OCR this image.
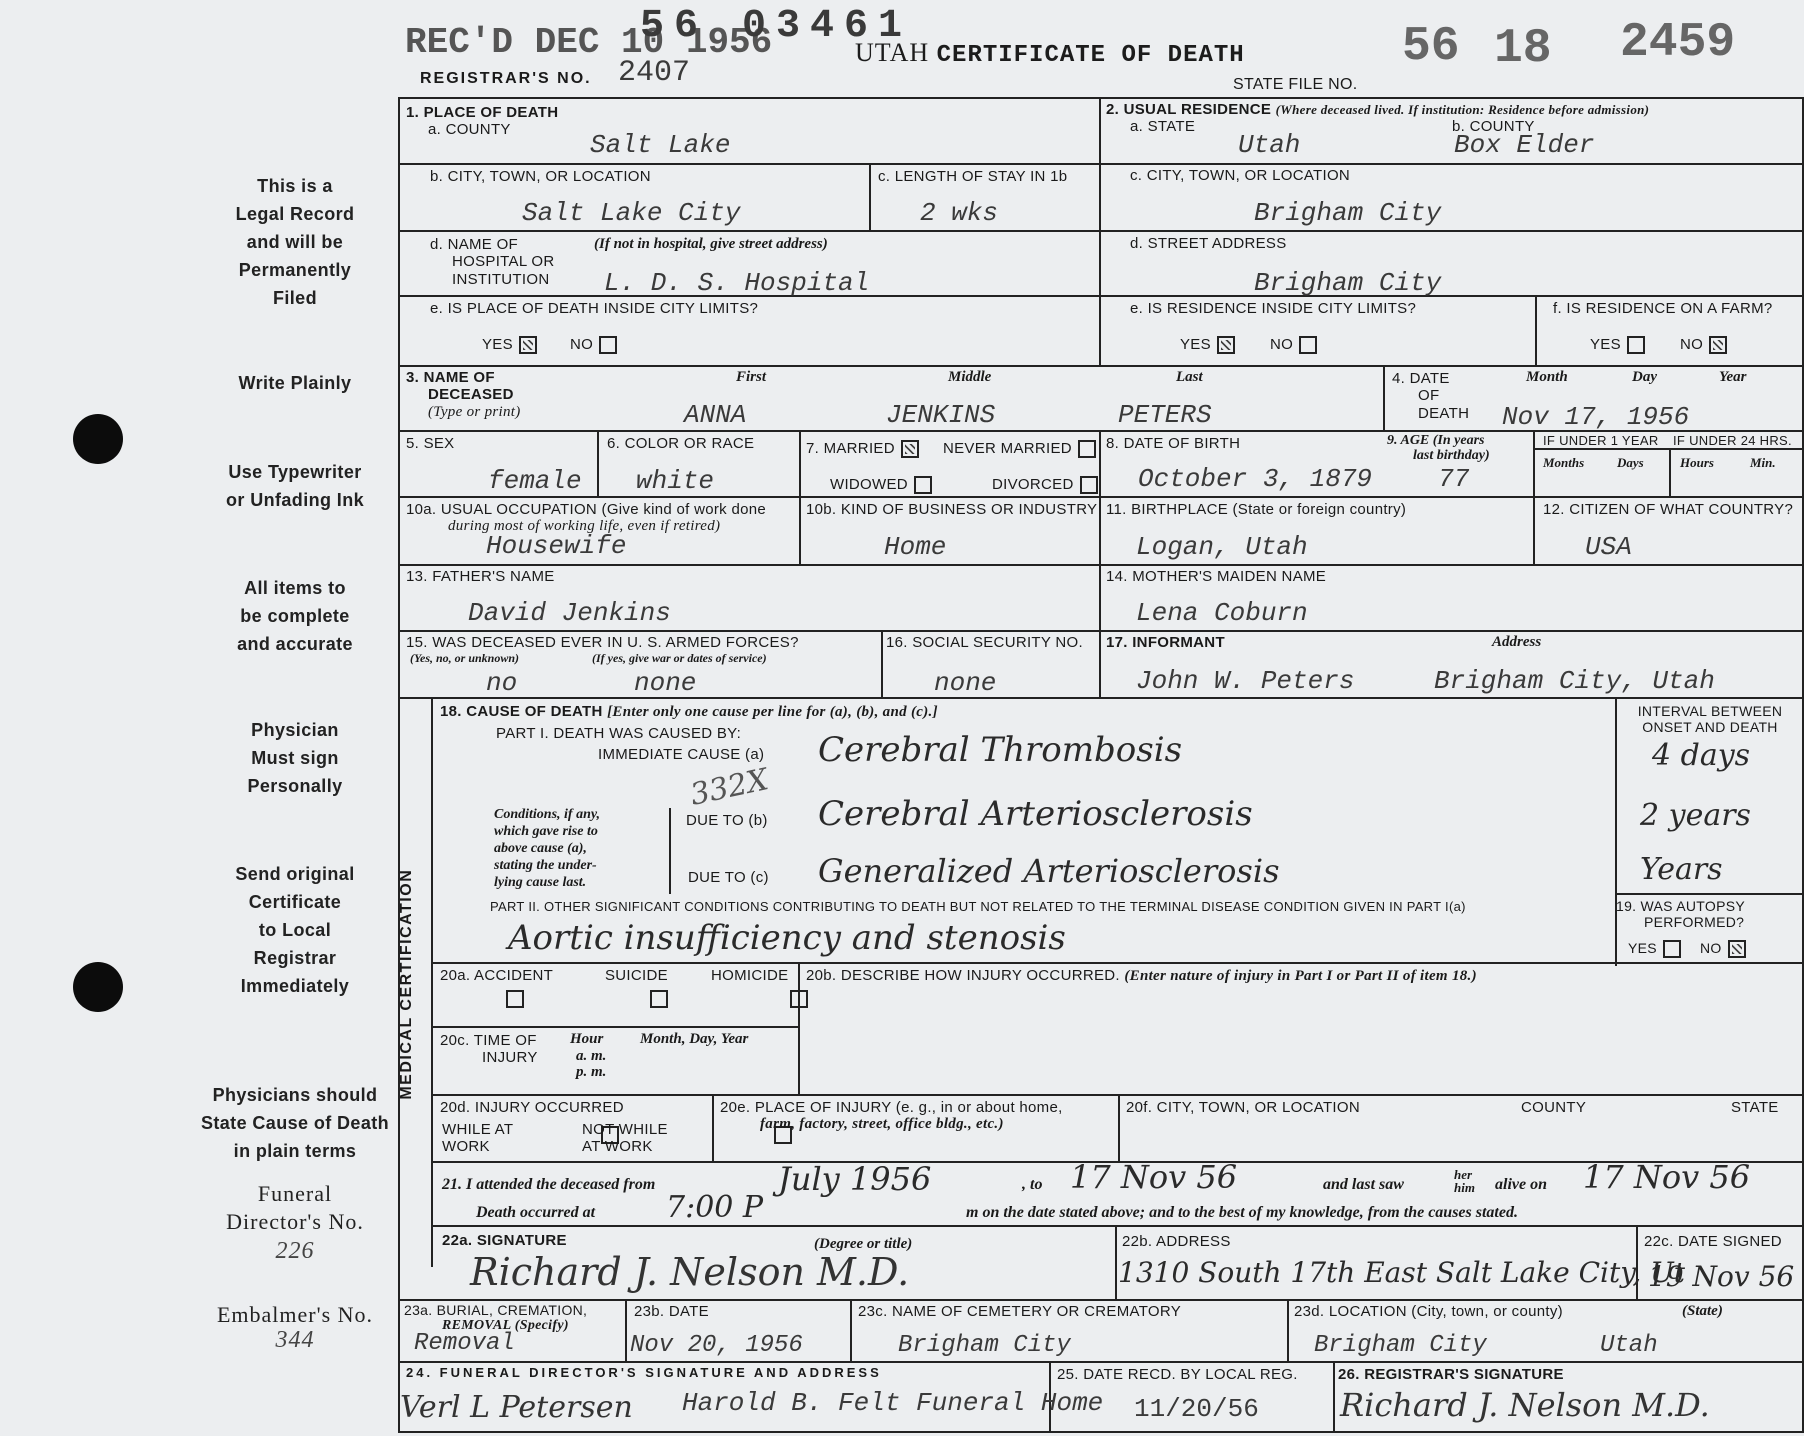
This is a
Legal Record
and will be
Permanently
Filed
Write Plainly
Use Typewriter
or Unfading Ink
All items to
be complete
and accurate
Physician
Must sign
Personally
Send original
Certificate
to Local
Registrar
Immediately
Physicians should
State Cause of Death
in plain terms
Funeral
Director's No.
226
Embalmer's No.
344
REC'D DEC 10 1956
56 03461
REGISTRAR'S NO. 2407
UTAH CERTIFICATE OF DEATH
STATE FILE NO.
56 18 2459
1. PLACE OF DEATH
a. COUNTY
Salt Lake
b. CITY, TOWN, OR LOCATION
Salt Lake City
c. LENGTH OF STAY IN 1b
2 wks
d. NAME OF
HOSPITAL OR
INSTITUTION
(If not in hospital, give street address)
L. D. S. Hospital
e. IS PLACE OF DEATH INSIDE CITY LIMITS?
YES	NO
2. USUAL RESIDENCE (Where deceased lived. If institution: Residence before admission)
a. STATE
Utah
b. COUNTY
Box Elder
c. CITY, TOWN, OR LOCATION
Brigham City
d. STREET ADDRESS
Brigham City
e. IS RESIDENCE INSIDE CITY LIMITS?
YES	NO
f. IS RESIDENCE ON A FARM?
YES	NO
3. NAME OF
DECEASED
(Type or print)
First	Middle	Last
ANNA	JENKINS	PETERS
4. DATE
OF
DEATH
Month	Day	Year
Nov 17, 1956
5. SEX
female
6. COLOR OR RACE
white
7. MARRIED	NEVER MARRIED
WIDOWED	DIVORCED
8. DATE OF BIRTH
October 3, 1879
9. AGE (In years
last birthday)
77
IF UNDER 1 YEAR IF UNDER 24 HRS.
Months	Days	Hours	Min.
10a. USUAL OCCUPATION (Give kind of work done
during most of working life, even if retired)
Housewife
10b. KIND OF BUSINESS OR INDUSTRY
Home
11. BIRTHPLACE (State or foreign country)
Logan, Utah
12. CITIZEN OF WHAT COUNTRY?
USA
13. FATHER'S NAME
David Jenkins
14. MOTHER'S MAIDEN NAME
Lena Coburn
15. WAS DECEASED EVER IN U. S. ARMED FORCES?
(Yes, no, or unknown)	(If yes, give war or dates of service)
no	none
16. SOCIAL SECURITY NO.
none
17. INFORMANT	Address
John W. Peters	Brigham City, Utah
MEDICAL CERTIFICATION
18. CAUSE OF DEATH [Enter only one cause per line for (a), (b), and (c).]
PART I. DEATH WAS CAUSED BY:
IMMEDIATE CAUSE (a) Cerebral Thrombosis
332X
Conditions, if any,
which gave rise to
above cause (a),
stating the under-
lying cause last.
DUE TO (b) Cerebral Arteriosclerosis
DUE TO (c) Generalized Arteriosclerosis
INTERVAL BETWEEN
ONSET AND DEATH
4 days
2 years
Years
PART II. OTHER SIGNIFICANT CONDITIONS CONTRIBUTING TO DEATH BUT NOT RELATED TO THE TERMINAL DISEASE CONDITION GIVEN IN PART I(a)
Aortic insufficiency and stenosis
19. WAS AUTOPSY
PERFORMED?
YES	NO
20a. ACCIDENT
	SUICIDE
	HOMICIDE
20b. DESCRIBE HOW INJURY OCCURRED. (Enter nature of injury in Part I or Part II of item 18.)
20c. TIME OF
INJURY
Hour
a. m.
p. m.
Month, Day, Year
20d. INJURY OCCURRED
WHILE AT
WORK

NOT WHILE
AT WORK
20e. PLACE OF INJURY (e. g., in or about home,
farm, factory, street, office bldg., etc.)
20f. CITY, TOWN, OR LOCATION	COUNTY	STATE
21. I attended the deceased from	July 1956	, to 17 Nov 56	and last saw
her
him alive on 17 Nov 56
Death occurred at 7:00 P	m on the date stated above; and to the best of my knowledge, from the causes stated.
22a. SIGNATURE	(Degree or title)
Richard J. Nelson M.D.
22b. ADDRESS
1310 South 17th East Salt Lake City, Ut
22c. DATE SIGNED
19 Nov 56
23a. BURIAL, CREMATION,
REMOVAL (Specify)
Removal
23b. DATE
Nov 20, 1956
23c. NAME OF CEMETERY OR CREMATORY
Brigham City
23d. LOCATION (City, town, or county)	(State)
Brigham City	Utah
24. FUNERAL DIRECTOR'S SIGNATURE AND ADDRESS
Verl L Petersen Harold B. Felt Funeral Home
25. DATE RECD. BY LOCAL REG.
11/20/56
26. REGISTRAR'S SIGNATURE
Richard J. Nelson M.D.
